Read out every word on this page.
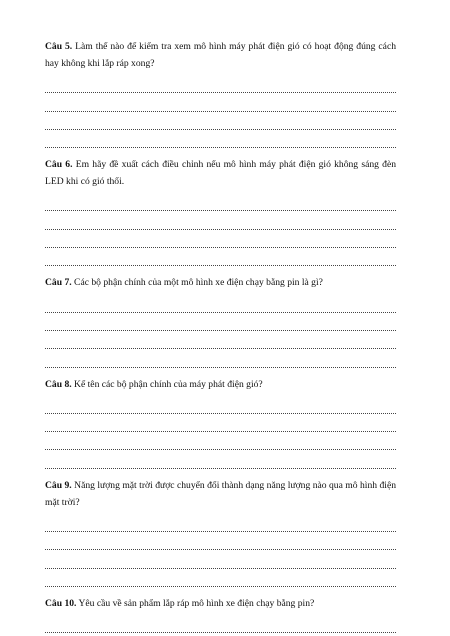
Câu 5. Làm thế nào để kiểm tra xem mô hình máy phát điện gió có hoạt động đúng cách hay không khi lắp ráp xong?

Câu 6. Em hãy đề xuất cách điều chỉnh nếu mô hình máy phát điện gió không sáng đèn LED khi có gió thổi.

Câu 7. Các bộ phận chính của một mô hình xe điện chạy bằng pin là gì?

Câu 8. Kể tên các bộ phận chính của máy phát điện gió?

Câu 9. Năng lượng mặt trời được chuyển đổi thành dạng năng lượng nào qua mô hình điện mặt trời?

Câu 10. Yêu cầu về sản phẩm lắp ráp mô hình xe điện chạy bằng pin?
